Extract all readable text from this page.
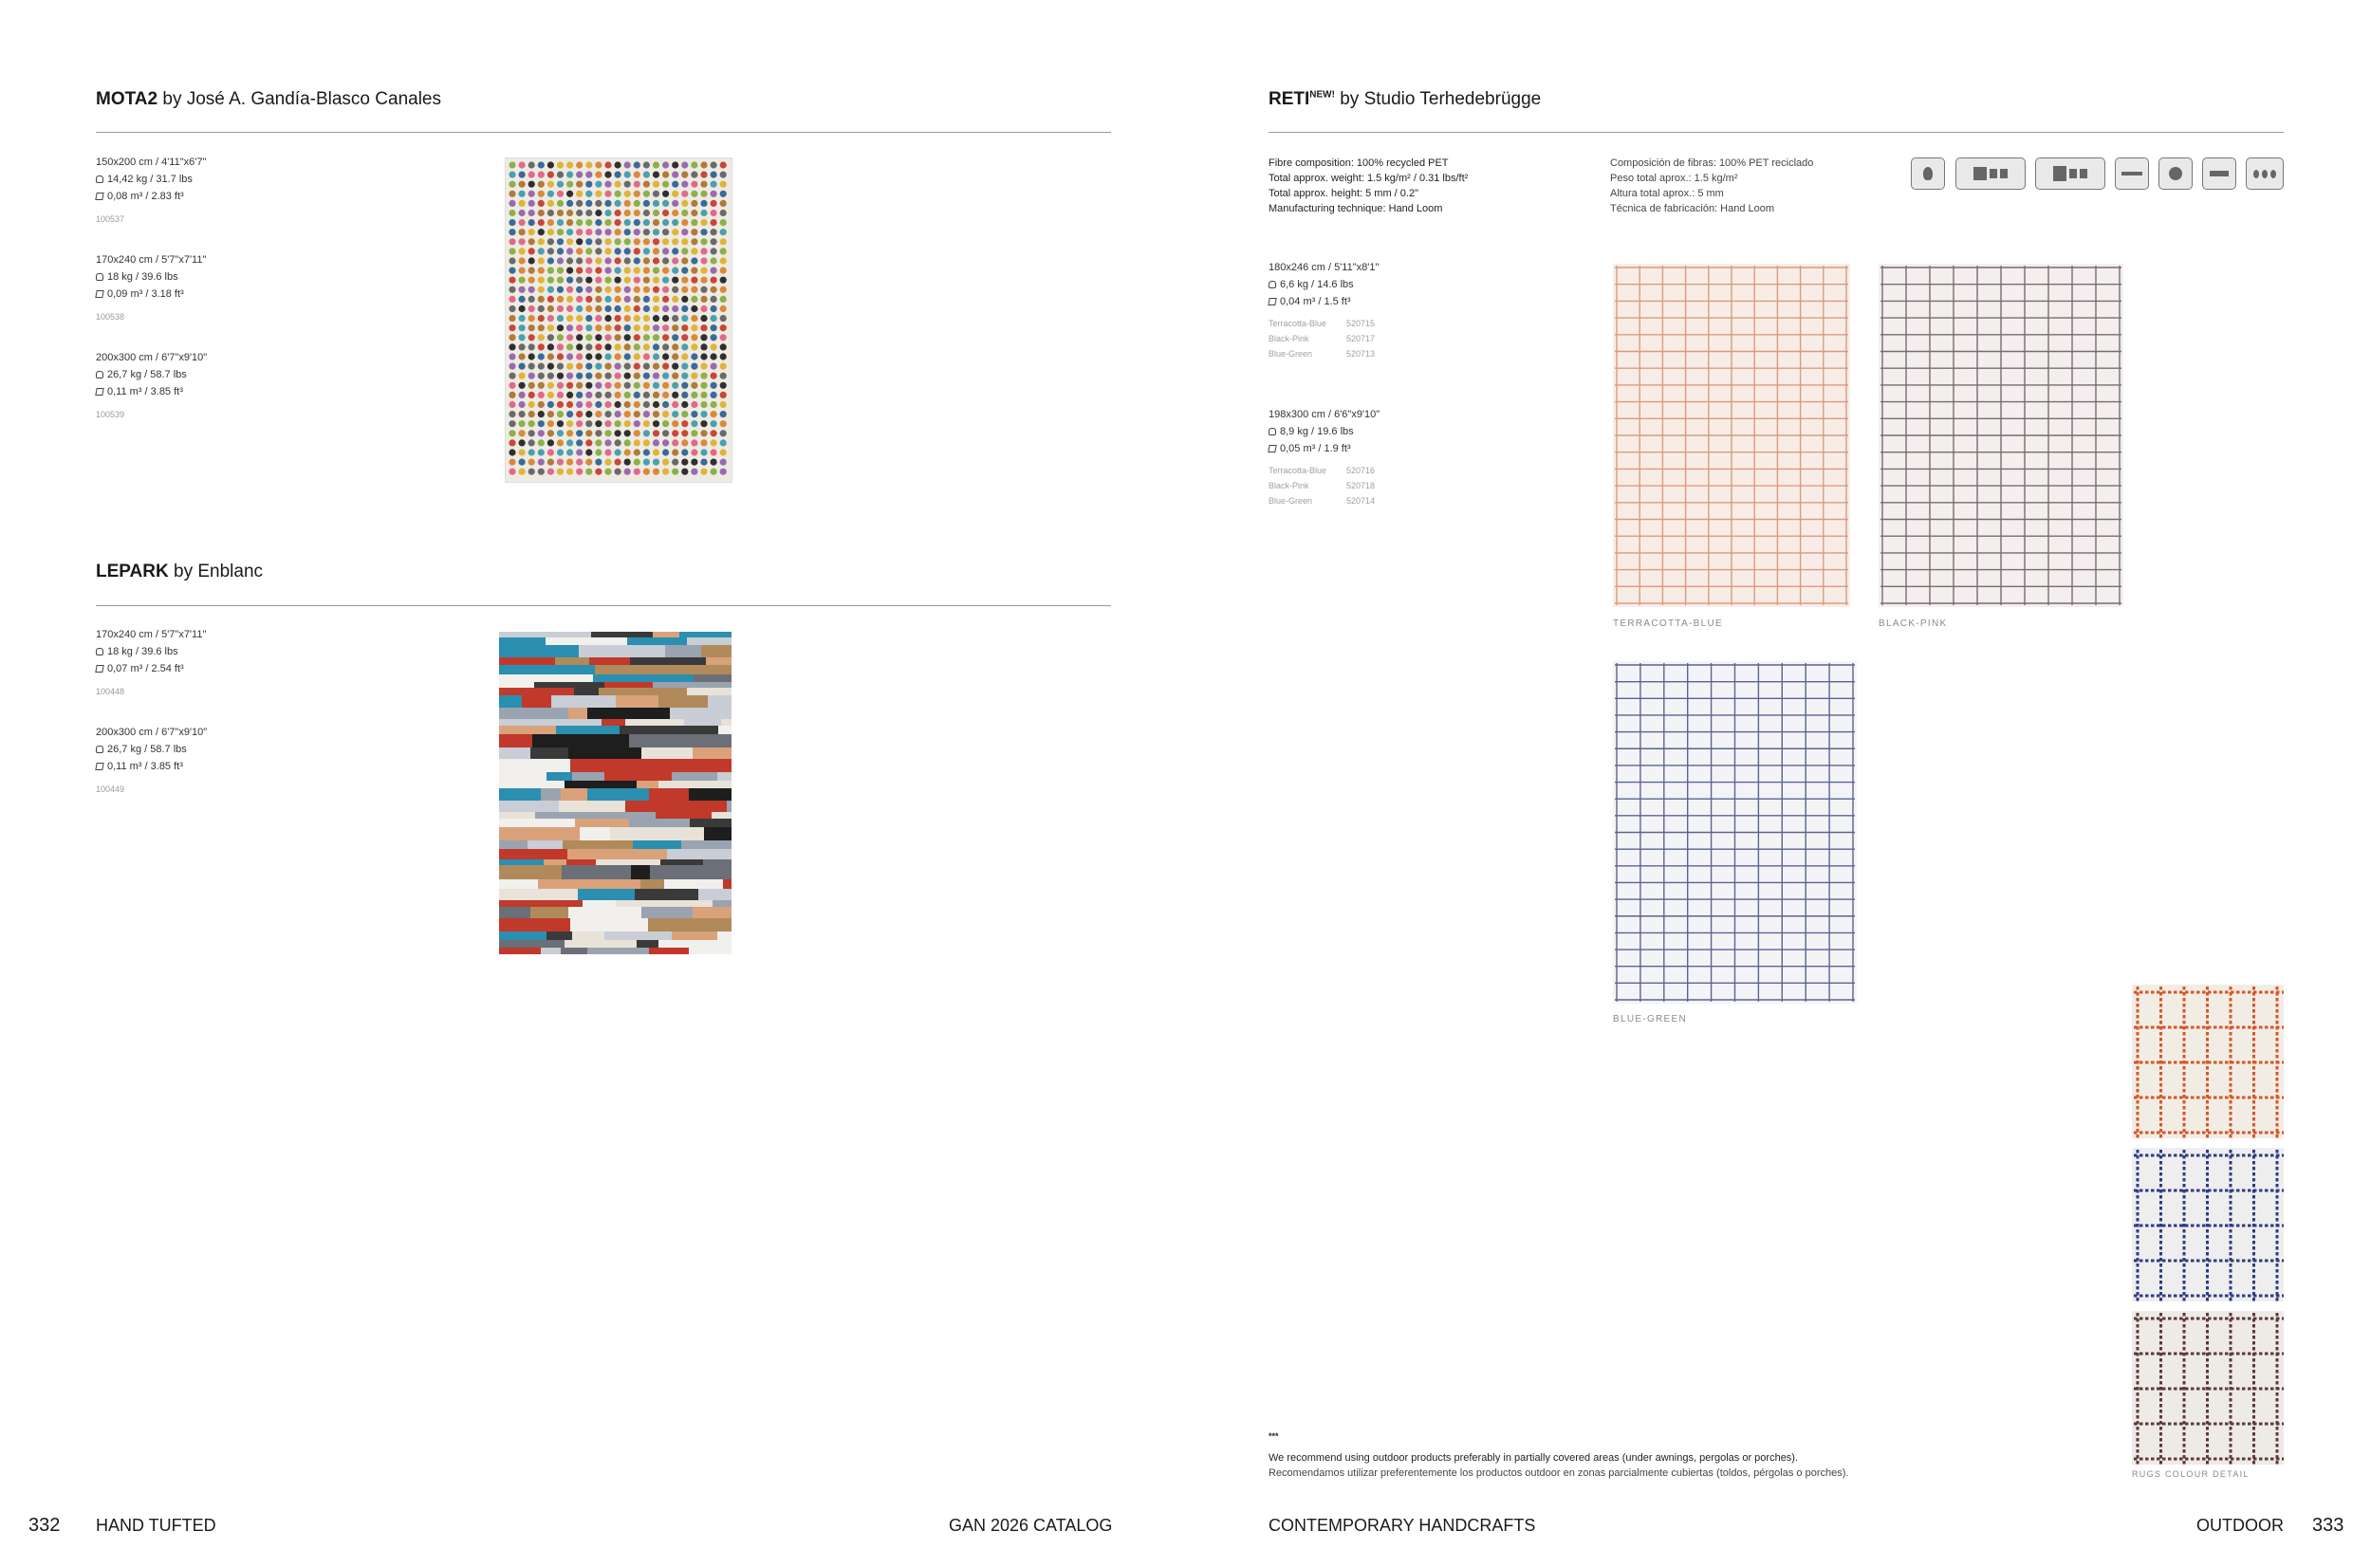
MOTA2 by José A. Gandía-Blasco Canales
150x200 cm / 4'11"x6'7"
14,42 kg / 31.7 lbs
0,08 m³ / 2.83 ft³
100537
170x240 cm / 5'7"x7'11"
18 kg / 39.6 lbs
0,09 m³ / 3.18 ft³
100538
200x300 cm / 6'7"x9'10"
26,7 kg / 58.7 lbs
0,11 m³ / 3.85 ft³
100539
LEPARK by Enblanc
170x240 cm / 5'7"x7'11"
18 kg / 39.6 lbs
0,07 m³ / 2.54 ft³
100448
200x300 cm / 6'7"x9'10"
26,7 kg / 58.7 lbs
0,11 m³ / 3.85 ft³
100449
332 HAND TUFTED	GAN 2026 CATALOG
$RETI^{NEW!}$ by Studio Terhedebrügge
Fibre composition: 100% recycled PET
Total approx. weight: 1.5 kg/m² / 0.31 lbs/ft²
Total approx. height: 5 mm / 0.2"
Manufacturing technique: Hand Loom
Composición de fibras: 100% PET reciclado
Peso total aprox.: 1.5 kg/m²
Altura total aprox.: 5 mm
Técnica de fabricación: Hand Loom
180x246 cm / 5'11"x8'1"
6,6 kg / 14.6 lbs
0,04 m³ / 1.5 ft³
Terracotta-Blue	520715
Black-Pink	520717
Blue-Green	520713
198x300 cm / 6'6"x9'10"
8,9 kg / 19.6 lbs
0,05 m³ / 1.9 ft³
Terracotta-Blue	520716
Black-Pink	520718
Blue-Green	520714
TERRACOTTA-BLUE	BLACK-PINK
BLUE-GREEN
RUGS COLOUR DETAIL
***
We recommend using outdoor products preferably in partially covered areas (under awnings, pergolas or porches).
Recomendamos utilizar preferentemente los productos outdoor en zonas parcialmente cubiertas (toldos, pérgolas o porches).
CONTEMPORARY HANDCRAFTS	OUTDOOR 333
